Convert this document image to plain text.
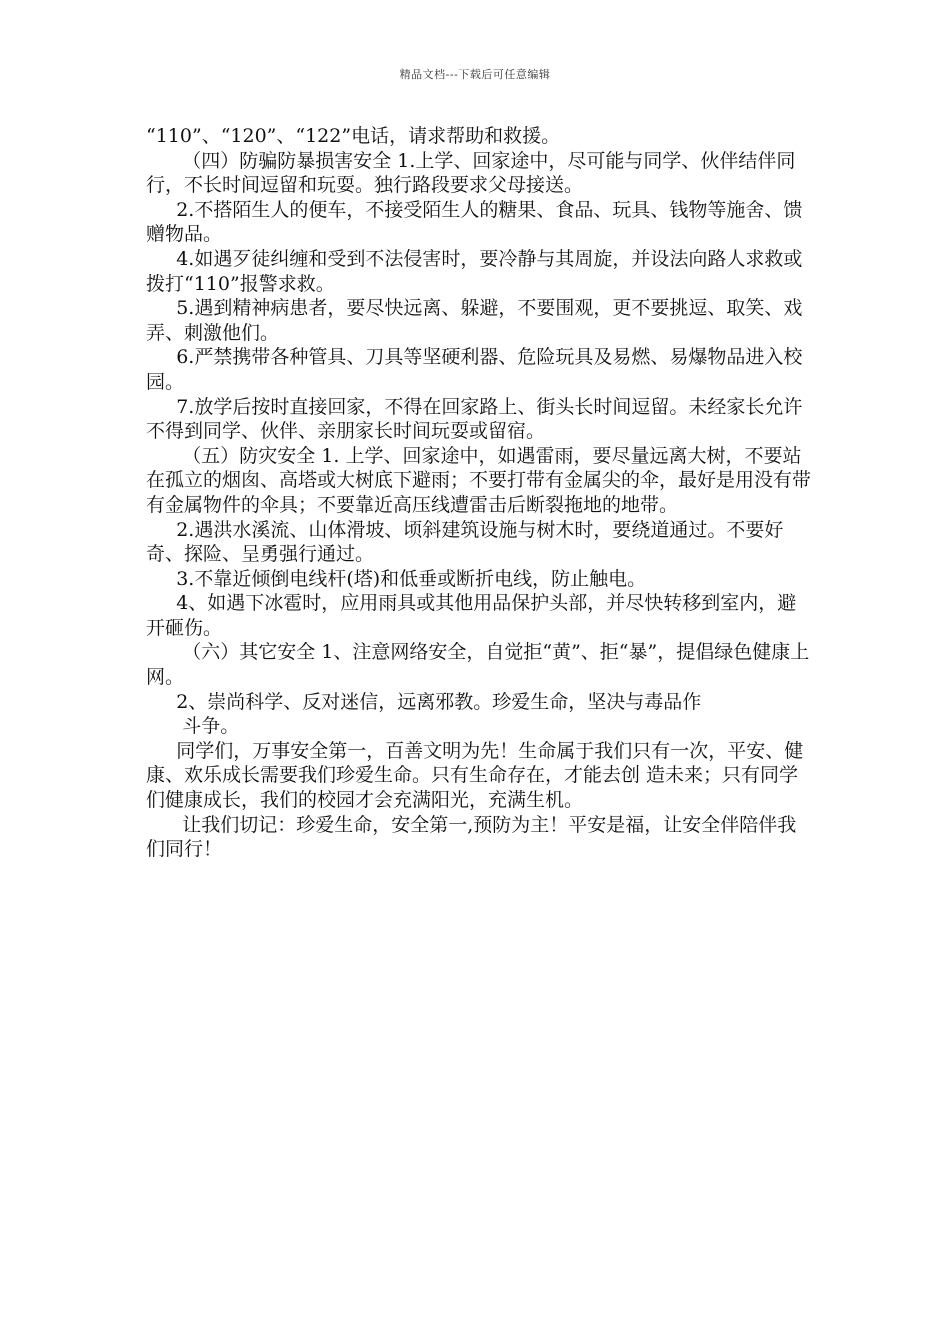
精品文档---下载后可任意编辑

“110”、“120”、“122”电话，请求帮助和救援。

（四）防骗防暴损害安全 1.上学、回家途中，尽可能与同学、伙伴结伴同行，不长时间逗留和玩耍。独行路段要求父母接送。

2.不搭陌生人的便车，不接受陌生人的糖果、食品、玩具、钱物等施舍、馈赠物品。

4.如遇歹徒纠缠和受到不法侵害时，要冷静与其周旋，并设法向路人求救或拨打“110”报警求救。

5.遇到精神病患者，要尽快远离、躲避，不要围观，更不要挑逗、取笑、戏弄、刺激他们。

6.严禁携带各种管具、刀具等坚硬利器、危险玩具及易燃、易爆物品进入校园。

7.放学后按时直接回家，不得在回家路上、街头长时间逗留。未经家长允许不得到同学、伙伴、亲朋家长时间玩耍或留宿。

（五）防灾安全 1. 上学、回家途中，如遇雷雨，要尽量远离大树，不要站在孤立的烟囱、高塔或大树底下避雨；不要打带有金属尖的伞，最好是用没有带有金属物件的伞具；不要靠近高压线遭雷击后断裂拖地的地带。

2.遇洪水溪流、山体滑坡、顷斜建筑设施与树木时，要绕道通过。不要好奇、探险、呈勇强行通过。

3.不靠近倾倒电线杆(塔)和低垂或断折电线，防止触电。

4、如遇下冰雹时，应用雨具或其他用品保护头部，并尽快转移到室内，避开砸伤。

（六）其它安全 1、注意网络安全，自觉拒“黄”、拒“暴”，提倡绿色健康上网。

2、崇尚科学、反对迷信，远离邪教。珍爱生命，坚决与毒品作

斗争。

同学们，万事安全第一，百善文明为先！生命属于我们只有一次，平安、健康、欢乐成长需要我们珍爱生命。只有生命存在，才能去创 造未来；只有同学们健康成长，我们的校园才会充满阳光，充满生机。

让我们切记：珍爱生命，安全第一,预防为主！平安是福，让安全伴陪伴我们同行！
